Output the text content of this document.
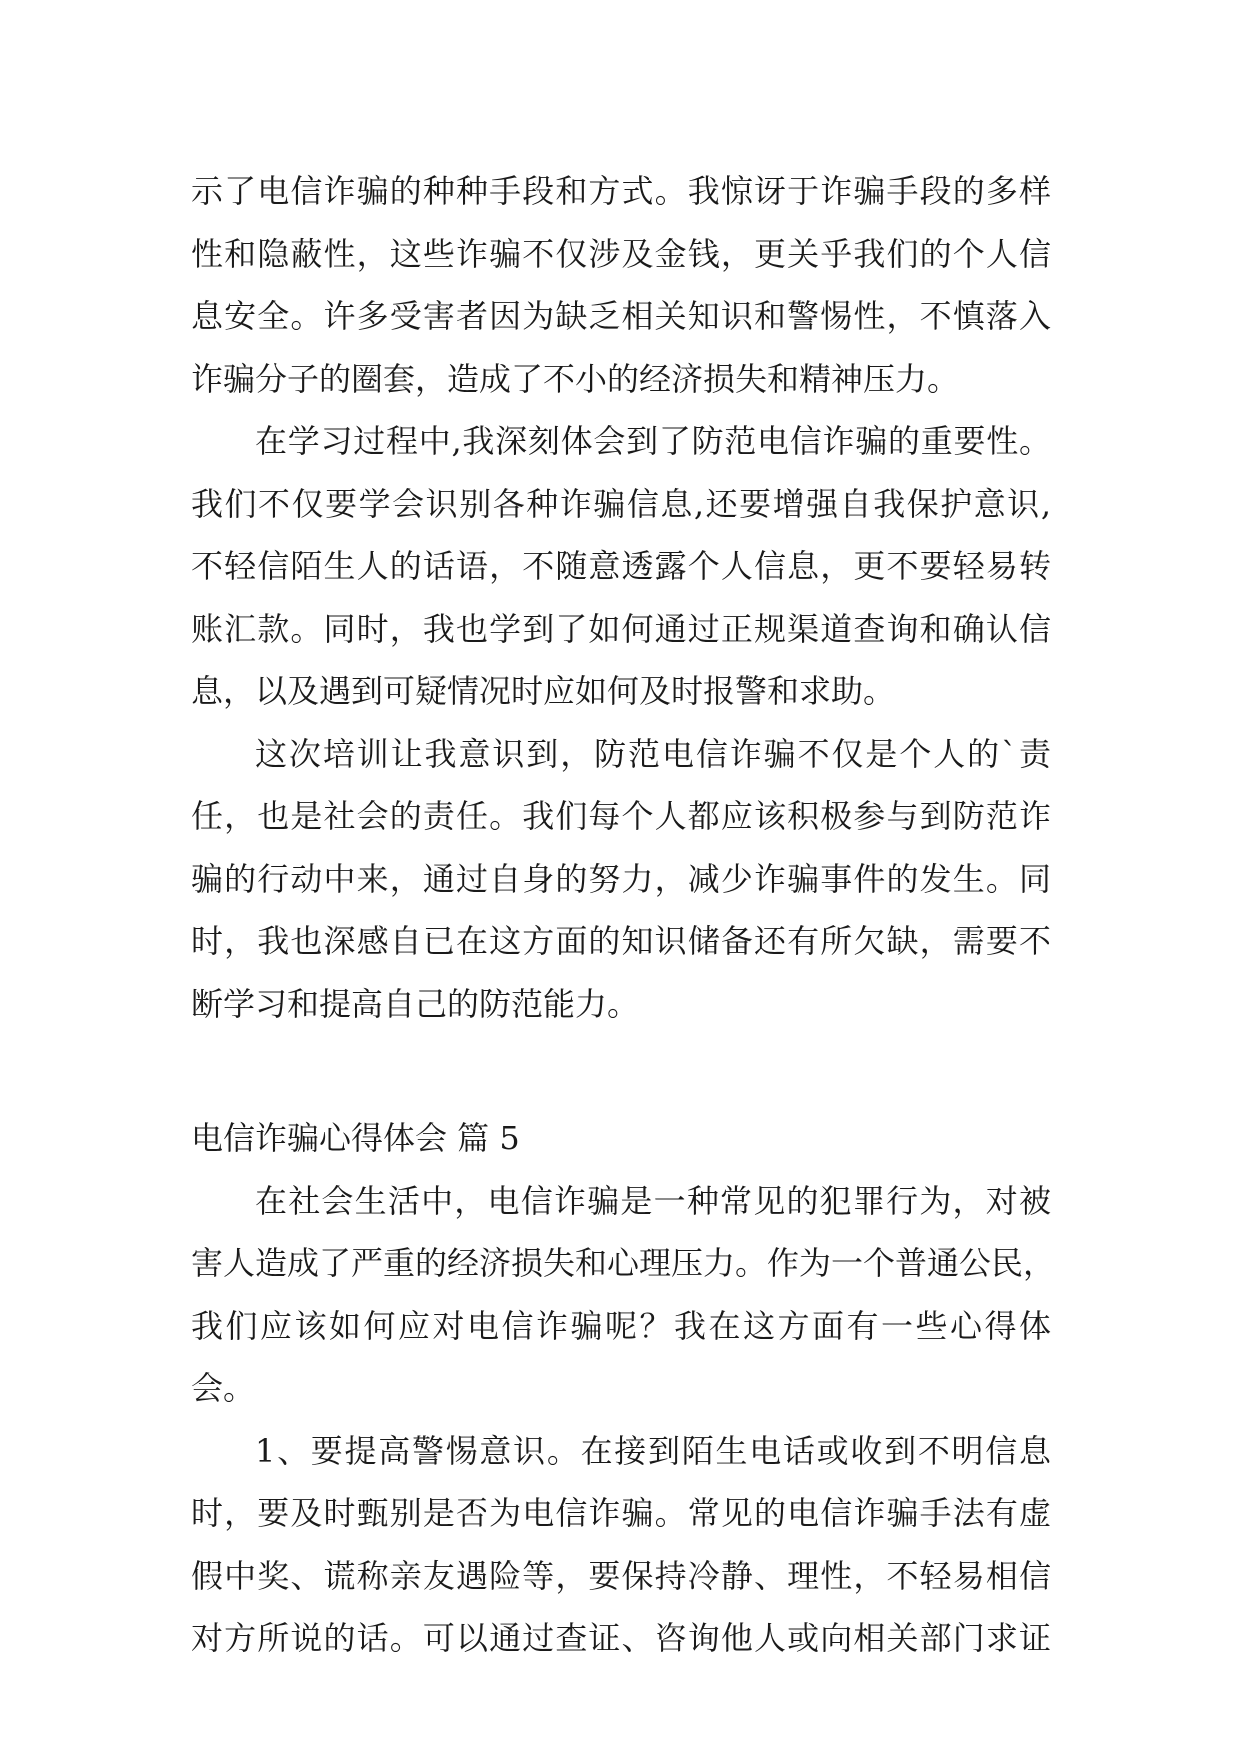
示了电信诈骗的种种手段和方式。我惊讶于诈骗手段的多样
性和隐蔽性，这些诈骗不仅涉及金钱，更关乎我们的个人信
息安全。许多受害者因为缺乏相关知识和警惕性，不慎落入
诈骗分子的圈套，造成了不小的经济损失和精神压力。
在学习过程中,我深刻体会到了防范电信诈骗的重要性。
我们不仅要学会识别各种诈骗信息,还要增强自我保护意识,
不轻信陌生人的话语，不随意透露个人信息，更不要轻易转
账汇款。同时，我也学到了如何通过正规渠道查询和确认信
息，以及遇到可疑情况时应如何及时报警和求助。
这次培训让我意识到，防范电信诈骗不仅是个人的`责
任，也是社会的责任。我们每个人都应该积极参与到防范诈
骗的行动中来，通过自身的努力，减少诈骗事件的发生。同
时，我也深感自已在这方面的知识储备还有所欠缺，需要不
断学习和提高自己的防范能力。
电信诈骗心得体会 篇 5
在社会生活中，电信诈骗是一种常见的犯罪行为，对被
害人造成了严重的经济损失和心理压力。作为一个普通公民，
我们应该如何应对电信诈骗呢？我在这方面有一些心得体
会。
1、要提高警惕意识。在接到陌生电话或收到不明信息
时，要及时甄别是否为电信诈骗。常见的电信诈骗手法有虚
假中奖、谎称亲友遇险等，要保持冷静、理性，不轻易相信
对方所说的话。可以通过查证、咨询他人或向相关部门求证
